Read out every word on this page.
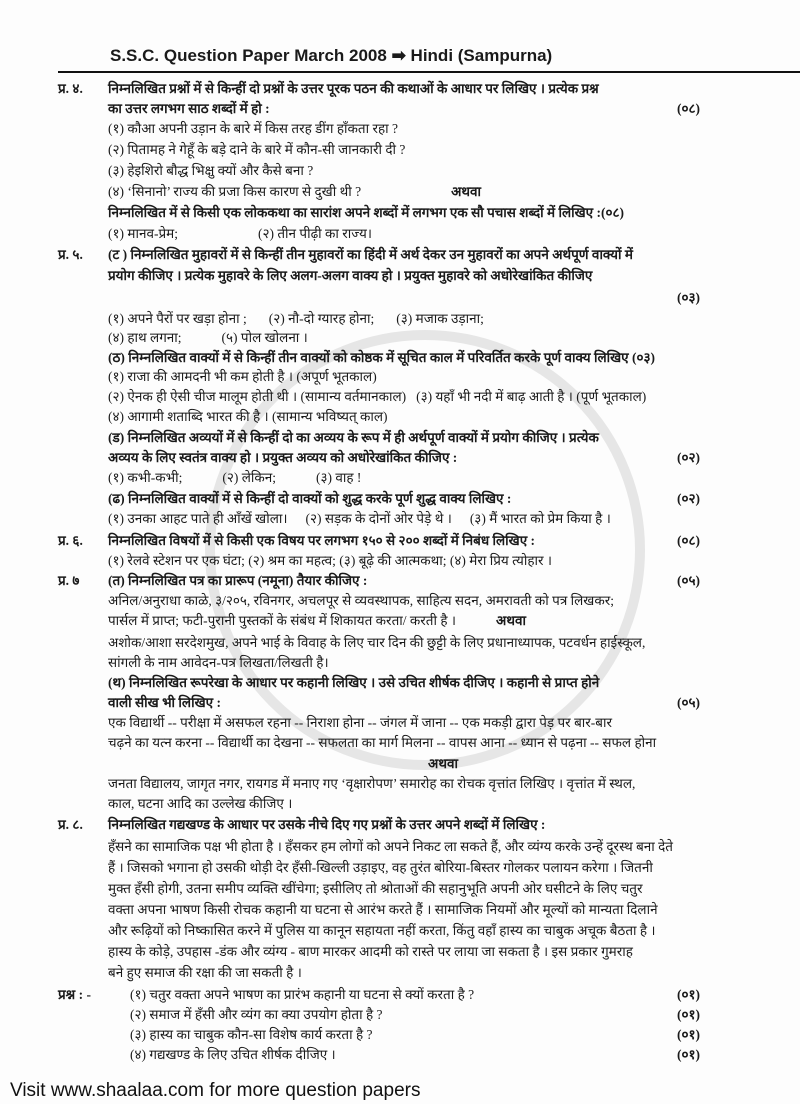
S.S.C. Question Paper March 2008 ➡ Hindi (Sampurna)
प्र. ४.	निम्नलिखित प्रश्नों में से किन्हीं दो प्रश्नों के उत्तर पूरक पठन की कथाओं के आधार पर लिखिए । प्रत्येक प्रश्न
का उत्तर लगभग साठ शब्दों में हो :	(०८)
(१) कौआ अपनी उड़ान के बारे में किस तरह डींग हाँकता रहा ?
(२) पितामह ने गेहूँ के बड़े दाने के बारे में कौन-सी जानकारी दी ?
(३) हेइशिरो बौद्ध भिक्षु क्यों और कैसे बना ?
(४) ‘सिनानो’ राज्य की प्रजा किस कारण से दुखी थी ?	अथवा
निम्नलिखित में से किसी एक लोककथा का सारांश अपने शब्दों में लगभग एक सौ पचास शब्दों में लिखिए :(०८)
(१) मानव-प्रेम;	(२) तीन पीढ़ी का राज्य।
प्र. ५.	(ट ) निम्नलिखित मुहावरों में से किन्हीं तीन मुहावरों का हिंदी में अर्थ देकर उन मुहावरों का अपने अर्थपूर्ण वाक्यों में
प्रयोग कीजिए । प्रत्येक मुहावरे के लिए अलग-अलग वाक्य हो । प्रयुक्त मुहावरे को अधोरेखांकित कीजिए
(०३)
(१) अपने पैरों पर खड़ा होना ; (२) नौ-दो ग्यारह होना; (३) मजाक उड़ाना;
(४) हाथ लगना;	(५) पोल खोलना ।
(ठ) निम्नलिखित वाक्यों में से किन्हीं तीन वाक्यों को कोष्ठक में सूचित काल में परिवर्तित करके पूर्ण वाक्य लिखिए (०३)
(१) राजा की आमदनी भी कम होती है । (अपूर्ण भूतकाल)
(२) ऐनक ही ऐसी चीज मालूम होती थी । (सामान्य वर्तमानकाल) (३) यहाँ भी नदी में बाढ़ आती है । (पूर्ण भूतकाल)
(४) आगामी शताब्दि भारत की है । (सामान्य भविष्यत् काल)
(ड) निम्नलिखित अव्ययों में से किन्हीं दो का अव्यय के रूप में ही अर्थपूर्ण वाक्यों में प्रयोग कीजिए । प्रत्येक
अव्यय के लिए स्वतंत्र वाक्य हो । प्रयुक्त अव्यय को अधोरेखांकित कीजिए :	(०२)
(१) कभी-कभी;	(२) लेकिन;	(३) वाह !
(ढ) निम्नलिखित वाक्यों में से किन्हीं दो वाक्यों को शुद्ध करके पूर्ण शुद्ध वाक्य लिखिए :	(०२)
(१) उनका आहट पाते ही आँखें खोला। (२) सड़क के दोनों ओर पेड़े थे । (३) मैं भारत को प्रेम किया है ।
प्र. ६.	निम्नलिखित विषयों में से किसी एक विषय पर लगभग १५० से २०० शब्दों में निबंध लिखिए :	(०८)
(१) रेलवे स्टेशन पर एक घंटा; (२) श्रम का महत्व; (३) बूढ़े की आत्मकथा; (४) मेरा प्रिय त्योहार ।
प्र. ७	(त) निम्नलिखित पत्र का प्रारूप (नमूना) तैयार कीजिए :	(०५)
अनिल/अनुराधा काळे, ३/२०५, रविनगर, अचलपूर से व्यवस्थापक, साहित्य सदन, अमरावती को पत्र लिखकर;
पार्सल में प्राप्त; फटी-पुरानी पुस्तकों के संबंध में शिकायत करता/ करती है ।	अथवा
अशोक/आशा सरदेशमुख, अपने भाई के विवाह के लिए चार दिन की छुट्टी के लिए प्रधानाध्यापक, पटवर्धन हाईस्कूल,
सांगली के नाम आवेदन-पत्र लिखता/लिखती है।
(थ) निम्नलिखित रूपरेखा के आधार पर कहानी लिखिए । उसे उचित शीर्षक दीजिए । कहानी से प्राप्त होने
वाली सीख भी लिखिए :	(०५)
एक विद्यार्थी -- परीक्षा में असफल रहना -- निराशा होना -- जंगल में जाना -- एक मकड़ी द्वारा पेड़ पर बार-बार
चढ़ने का यत्न करना -- विद्यार्थी का देखना -- सफलता का मार्ग मिलना -- वापस आना -- ध्यान से पढ़ना -- सफल होना
अथवा
जनता विद्यालय, जागृत नगर, रायगड में मनाए गए ‘वृक्षारोपण’ समारोह का रोचक वृत्तांत लिखिए । वृत्तांत में स्थल,
काल, घटना आदि का उल्लेख कीजिए ।
प्र. ८.	निम्नलिखित गद्यखण्ड के आधार पर उसके नीचे दिए गए प्रश्नों के उत्तर अपने शब्दों में लिखिए :
हँसने का सामाजिक पक्ष भी होता है । हँसकर हम लोगों को अपने निकट ला सकते हैं, और व्यंग्य करके उन्हें दूरस्थ बना देते
हैं । जिसको भगाना हो उसकी थोड़ी देर हँसी-खिल्ली उड़ाइए, वह तुरंत बोरिया-बिस्तर गोलकर पलायन करेगा । जितनी
मुक्त हँसी होगी, उतना समीप व्यक्ति खींचेगा; इसीलिए तो श्रोताओं की सहानुभूति अपनी ओर घसीटने के लिए चतुर
वक्ता अपना भाषण किसी रोचक कहानी या घटना से आरंभ करते हैं । सामाजिक नियमों और मूल्यों को मान्यता दिलाने
और रूढ़ियों को निष्कासित करने में पुलिस या कानून सहायता नहीं करता, किंतु वहाँ हास्य का चाबुक अचूक बैठता है ।
हास्य के कोड़े, उपहास -डंक और व्यंग्य - बाण मारकर आदमी को रास्ते पर लाया जा सकता है । इस प्रकार गुमराह
बने हुए समाज की रक्षा की जा सकती है ।
प्रश्न : -	(१) चतुर वक्ता अपने भाषण का प्रारंभ कहानी या घटना से क्यों करता है ?	(०१)
(२) समाज में हँसी और व्यंग का क्या उपयोग होता है ?	(०१)
(३) हास्य का चाबुक कौन-सा विशेष कार्य करता है ?	(०१)
(४) गद्यखण्ड के लिए उचित शीर्षक दीजिए ।	(०१)
Visit www.shaalaa.com for more question papers
